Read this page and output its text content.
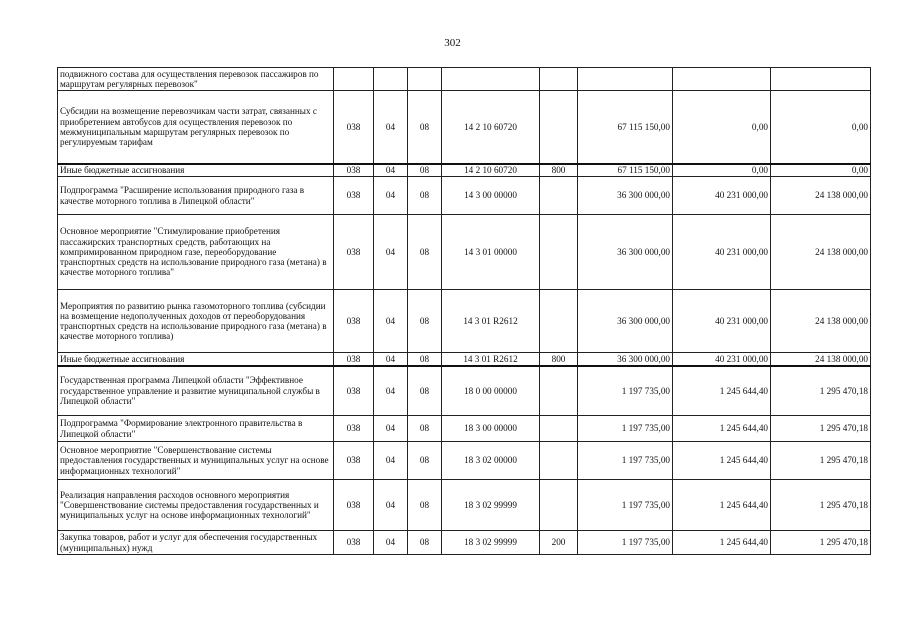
302
подвижного состава для осуществления перевозок пассажиров по маршрутам регулярных перевозок"								
Субсидии на возмещение перевозчикам части затрат, связанных с приобретением автобусов для осуществления перевозок по межмуниципальным маршрутам регулярных перевозок по регулируемым тарифам	038	04	08	14 2 10 60720		67 115 150,00	0,00	0,00
Иные бюджетные ассигнования	038	04	08	14 2 10 60720	800	67 115 150,00	0,00	0,00
Подпрограмма "Расширение использования природного газа в качестве моторного топлива в Липецкой области"	038	04	08	14 3 00 00000		36 300 000,00	40 231 000,00	24 138 000,00
Основное мероприятие "Стимулирование приобретения пассажирских транспортных средств, работающих на компримированном природном газе, переоборудование транспортных средств на использование природного газа (метана) в качестве моторного топлива"	038	04	08	14 3 01 00000		36 300 000,00	40 231 000,00	24 138 000,00
Мероприятия по развитию рынка газомоторного топлива (субсидии на возмещение недополученных доходов от переоборудования транспортных средств на использование природного газа (метана) в качестве моторного топлива)	038	04	08	14 3 01 R2612		36 300 000,00	40 231 000,00	24 138 000,00
Иные бюджетные ассигнования	038	04	08	14 3 01 R2612	800	36 300 000,00	40 231 000,00	24 138 000,00
Государственная программа Липецкой области "Эффективное государственное управление и развитие муниципальной службы в Липецкой области"	038	04	08	18 0 00 00000		1 197 735,00	1 245 644,40	1 295 470,18
Подпрограмма "Формирование электронного правительства в Липецкой области"	038	04	08	18 3 00 00000		1 197 735,00	1 245 644,40	1 295 470,18
Основное мероприятие "Совершенствование системы предоставления государственных и муниципальных услуг на основе информационных технологий"	038	04	08	18 3 02 00000		1 197 735,00	1 245 644,40	1 295 470,18
Реализация направления расходов основного мероприятия "Совершенствование системы предоставления государственных и муниципальных услуг на основе информационных технологий"	038	04	08	18 3 02 99999		1 197 735,00	1 245 644,40	1 295 470,18
Закупка товаров, работ и услуг для обеспечения государственных (муниципальных) нужд	038	04	08	18 3 02 99999	200	1 197 735,00	1 245 644,40	1 295 470,18
